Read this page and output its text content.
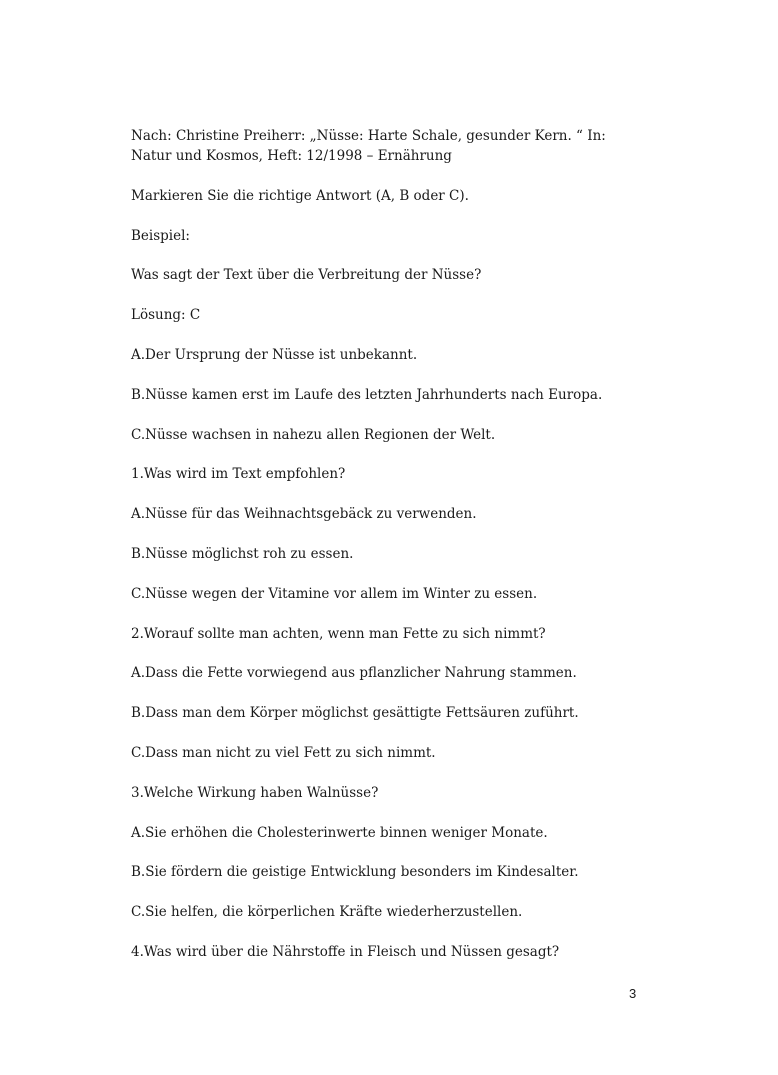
Nach: Christine Preiherr: „Nüsse: Harte Schale, gesunder Kern. “ In:
Natur und Kosmos, Heft: 12/1998 – Ernährung
Markieren Sie die richtige Antwort (A, B oder C).
Beispiel:
Was sagt der Text über die Verbreitung der Nüsse?
Lösung: C
A.Der Ursprung der Nüsse ist unbekannt.
B.Nüsse kamen erst im Laufe des letzten Jahrhunderts nach Europa.
C.Nüsse wachsen in nahezu allen Regionen der Welt.
1.Was wird im Text empfohlen?
A.Nüsse für das Weihnachtsgebäck zu verwenden.
B.Nüsse möglichst roh zu essen.
C.Nüsse wegen der Vitamine vor allem im Winter zu essen.
2.Worauf sollte man achten, wenn man Fette zu sich nimmt?
A.Dass die Fette vorwiegend aus pflanzlicher Nahrung stammen.
B.Dass man dem Körper möglichst gesättigte Fettsäuren zuführt.
C.Dass man nicht zu viel Fett zu sich nimmt.
3.Welche Wirkung haben Walnüsse?
A.Sie erhöhen die Cholesterinwerte binnen weniger Monate.
B.Sie fördern die geistige Entwicklung besonders im Kindesalter.
C.Sie helfen, die körperlichen Kräfte wiederherzustellen.
4.Was wird über die Nährstoffe in Fleisch und Nüssen gesagt?
3
